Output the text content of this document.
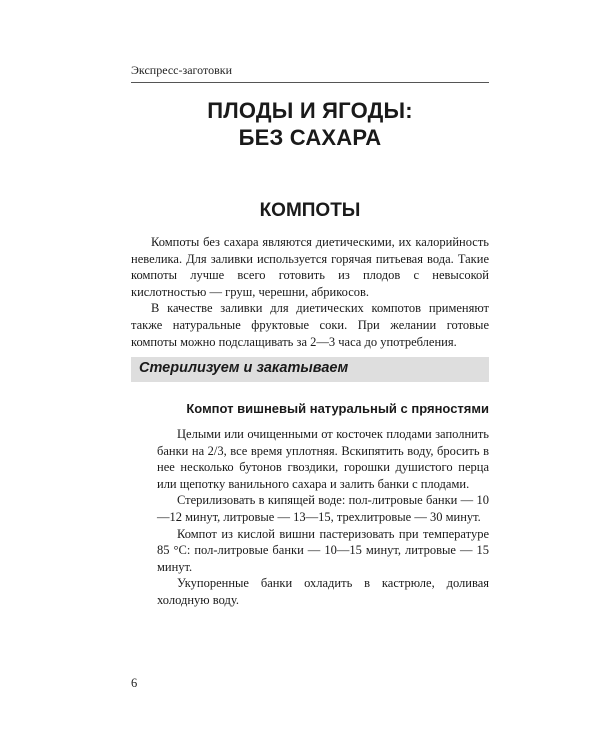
Экспресс-заготовки
ПЛОДЫ И ЯГОДЫ:
БЕЗ САХАРА
КОМПОТЫ

Компоты без сахара являются диетическими, их калорийность невелика. Для заливки используется горячая питьевая вода. Такие компоты лучше всего готовить из плодов с невысокой кислотностью — груш, черешни, абрикосов.

В качестве заливки для диетических компотов применяют также натуральные фруктовые соки. При желании готовые компоты можно подслащивать за 2—3 часа до употребления.

Стерилизуем и закатываем
Компот вишневый натуральный с пряностями

Целыми или очищенными от косточек плодами заполнить банки на 2/3, все время уплотняя. Вскипятить воду, бросить в нее несколько бутонов гвоздики, горошки душистого перца или щепотку ванильного сахара и залить банки с плодами.

Стерилизовать в кипящей воде: пол-литровые банки — 10—12 минут, литровые — 13—15, трехлитровые — 30 минут.

Компот из кислой вишни пастеризовать при температуре 85 °С: пол-литровые банки — 10—15 минут, литровые — 15 минут.

Укупоренные банки охладить в кастрюле, доливая холодную воду.

6
